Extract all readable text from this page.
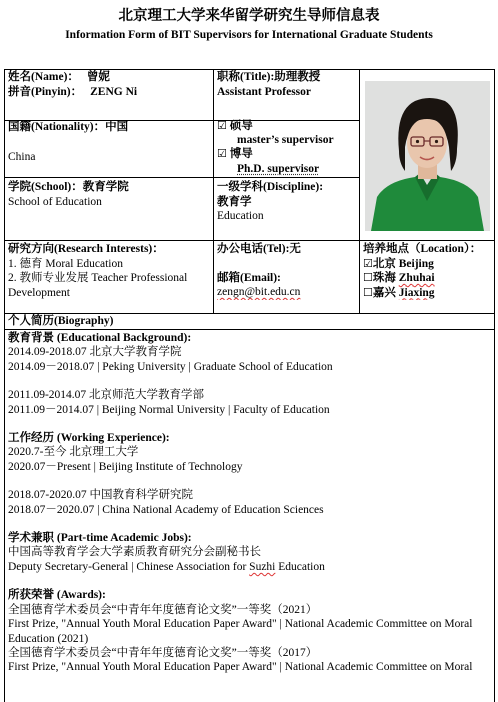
北京理工大学来华留学研究生导师信息表
Information Form of BIT Supervisors for International Graduate Students
姓名(Name)： 曾妮
拼音(Pinyin)： ZENG Ni
职称(Title):助理教授
Assistant Professor
国籍(Nationality)：中国
China
☑ 硕导
master’s supervisor
☑ 博导
Ph.D. supervisor
学院(School)：教育学院
School of Education
一级学科(Discipline):
教育学
Education
研究方向(Research Interests)：
1. 德育 Moral Education
2. 教师专业发展 Teacher Professional
Development
办公电话(Tel):无
邮箱(Email):
zengn@bit.edu.cn
培养地点（Location）：
☑北京 Beijing
☐珠海 Zhuhai
☐嘉兴 Jiaxing
个人简历(Biography)
教育背景 (Educational Background):
2014.09-2018.07 北京大学教育学院
2014.09－2018.07 | Peking University | Graduate School of Education
2011.09-2014.07 北京师范大学教育学部
2011.09－2014.07 | Beijing Normal University | Faculty of Education
工作经历 (Working Experience):
2020.7-至今 北京理工大学
2020.07－Present | Beijing Institute of Technology
2018.07-2020.07 中国教育科学研究院
2018.07－2020.07 | China National Academy of Education Sciences
学术兼职 (Part-time Academic Jobs):
中国高等教育学会大学素质教育研究分会副秘书长
Deputy Secretary-General | Chinese Association for Suzhi Education
所获荣誉 (Awards):
全国德育学术委员会“中青年年度德育论文奖”一等奖（2021）
First Prize, "Annual Youth Moral Education Paper Award" | National Academic Committee on Moral Education (2021)
全国德育学术委员会“中青年年度德育论文奖”一等奖（2017）
First Prize, "Annual Youth Moral Education Paper Award" | National Academic Committee on Moral
